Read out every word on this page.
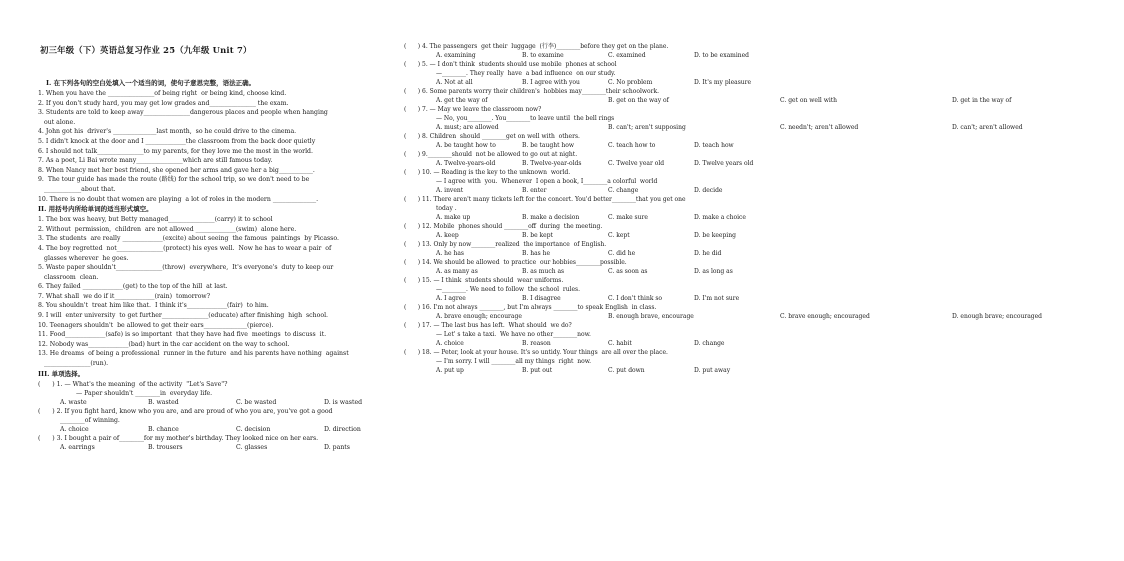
初三年级（下）英语总复习作业 25（九年级 Unit 7）
I. 在下列各句的空白处填入一个适当的词，使句子意思完整，语法正确。
1. When you have the _______________of being right  or being kind, choose kind.
2. If you don't study hard, you may get low grades and_______________ the exam.
3. Students are told to keep away_______________dangerous places and people when hanging
out alone.
4. John got his  driver's ______________last month,  so he could drive to the cinema.
5. I didn't knock at the door and I _____________the classroom from the back door quietly
6. I should not talk_______________to my parents, for they love me the most in the world.
7. As a poet, Li Bai wrote many_______________which are still famous today.
8. When Nancy met her best friend, she opened her arms and gave her a big___________.
9.  The tour guide has made the route (路线) for the school trip, so we don't need to be
____________about that.
10. There is no doubt that women are playing  a lot of roles in the modern ______________.
II. 用括号内所给单词的适当形式填空。
1. The box was heavy, but Betty managed_______________(carry) it to school
2. Without  permission,  children  are not allowed _____________(swim)  alone here.
3. The students  are really _____________(excite) about seeing  the famous  paintings  by Picasso.
4. The boy regretted  not_______________(protect) his eyes well.  Now he has to wear a pair  of
glasses wherever  he goes.
5. Waste paper shouldn't_______________(throw)  everywhere,  It's everyone's  duty to keep our
classroom  clean.
6. They failed _____________(get) to the top of the hill  at last.
7. What shall  we do if it_____________(rain)  tomorrow?
8. You shouldn't  treat him like that.  I think it's_____________(fair)  to him.
9. I will  enter university  to get further_______________(educate) after finishing  high  school.
10. Teenagers shouldn't  be allowed to get their ears______________(pierce).
11. Food_____________(safe) is so important  that they have had five  meetings  to discuss  it.
12. Nobody was_____________(bad) hurt in the car accident on the way to school.
13. He dreams  of being a professional  runner in the future  and his parents have nothing  against
_______________(run).
III. 单项选择。
(      ) 1. — What's the meaning  of the activity  "Let's Save"?
— Paper shouldn't ________in  everyday life.
A. waste	B. wasted	C. be wasted	D. is wasted
(      ) 2. If you fight hard, know who you are, and are proud of who you are, you've got a good
________of winning.
A. choice	B. chance	C. decision	D. direction
(      ) 3. I bought a pair of________for my mother's birthday. They looked nice on her ears.
A. earrings	B. trousers	C. glasses	D. pants
(      ) 4. The passengers  get their  luggage  (行李)________before they get on the plane.
A. examining	B. to examine	C. examined	D. to be examined
(      ) 5. — I don't think  students should use mobile  phones at school
—________. They really  have  a bad influence  on our study.
A. Not at all	B. I agree with you	C. No problem	D. It's my pleasure
(      ) 6. Some parents worry their children's  hobbies may________their schoolwork.
A. get the way of	B. get on the way of	C. get on well with	D. get in the way of
(      ) 7. — May we leave the classroom now?
— No, you________. You________to leave until  the bell rings
A. must; are allowed	B. can't; aren't supposing	C. needn't; aren't allowed	D. can't; aren't allowed
(      ) 8. Children  should ________get on well with  others.
A. be taught how to	B. be taught how	C. teach how to	D. teach how
(      ) 9.________should  not be allowed to go out at night.
A. Twelve-years-old	B. Twelve-year-olds	C. Twelve year old	D. Twelve years old
(      ) 10. — Reading is the key to the unknown  world.
— I agree with  you.  Whenever  I open a book, I________a colorful  world
A. invent	B. enter	C. change	D. decide
(      ) 11. There aren't many tickets left for the concert. You'd better________that you get one
today .
A. make up	B. make a decision	C. make sure	D. make a choice
(      ) 12. Mobile  phones should ________off  during  the meeting.
A. keep	B. be kept	C. kept	D. be keeping
(      ) 13. Only by now________realized  the importance  of English.
A. he has	B. has he	C. did he	D. he did
(      ) 14. We should be allowed  to practice  our hobbies________possible.
A. as many as	B. as much as	C. as soon as	D. as long as
(      ) 15. — I think  students should  wear uniforms.
—________. We need to follow  the school  rules.
A. I agree	B. I disagree	C. I don't think so	D. I'm not sure
(      ) 16. I'm not always ________, but I'm always ________to speak English  in class.
A. brave enough; encourage	B. enough brave, encourage	C. brave enough; encouraged	D. enough brave; encouraged
(      ) 17. — The last bus has left.  What should  we do?
— Let' s take a taxi.  We have no other________now.
A. choice	B. reason	C. habit	D. change
(      ) 18. — Peter, look at your house. It's so untidy. Your things  are all over the place.
— I'm sorry. I will ________all my things  right  now.
A. put up	B. put out	C. put down	D. put away
